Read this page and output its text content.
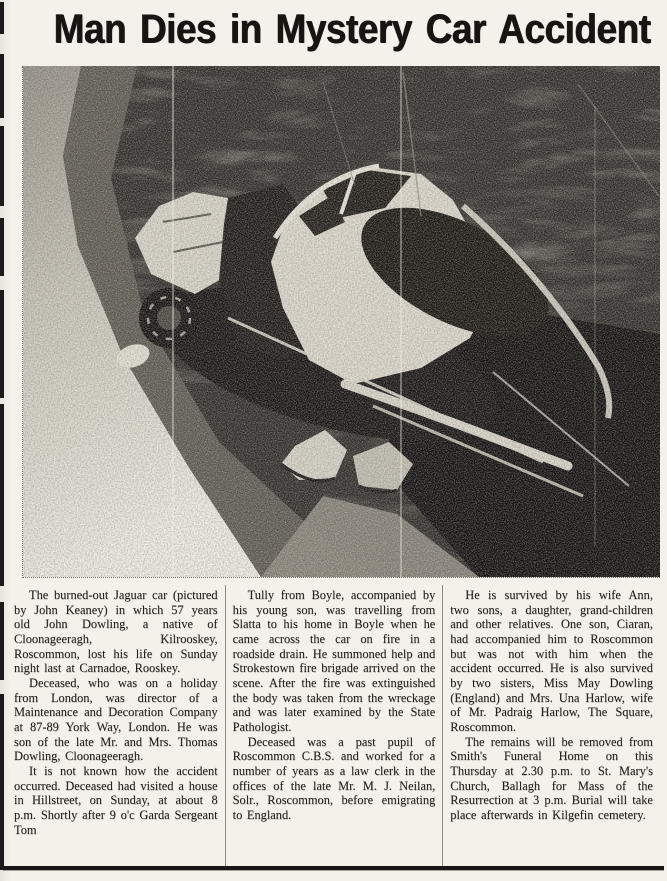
Man Dies in Mystery Car Accident

The burned-out Jaguar car (pictured by John Keaney) in which 57 years old John Dowling, a native of Cloonageeragh, Kilrooskey, Roscommon, lost his life on Sunday night last at Carnadoe, Rooskey.

Deceased, who was on a holiday from London, was director of a Maintenance and Decoration Company at 87-89 York Way, London. He was son of the late Mr. and Mrs. Thomas Dowling, Cloonageeragh.

It is not known how the accident occurred. Deceased had visited a house in Hillstreet, on Sunday, at about 8 p.m. Shortly after 9 o'c Garda Sergeant Tom

Tully from Boyle, accompanied by his young son, was travelling from Slatta to his home in Boyle when he came across the car on fire in a roadside drain. He summoned help and Strokestown fire brigade arrived on the scene. After the fire was extinguished the body was taken from the wreckage and was later examined by the State Pathologist.

Deceased was a past pupil of Roscommon C.B.S. and worked for a number of years as a law clerk in the offices of the late Mr. M. J. Neilan, Solr., Roscommon, before emigrating to England.

He is survived by his wife Ann, two sons, a daughter, grand-children and other relatives. One son, Ciaran, had accompanied him to Roscommon but was not with him when the accident occurred. He is also survived by two sisters, Miss May Dowling (England) and Mrs. Una Harlow, wife of Mr. Padraig Harlow, The Square, Roscommon.

The remains will be removed from Smith's Funeral Home on this Thursday at 2.30 p.m. to St. Mary's Church, Ballagh for Mass of the Resurrection at 3 p.m. Burial will take place afterwards in Kilgefin cemetery.
